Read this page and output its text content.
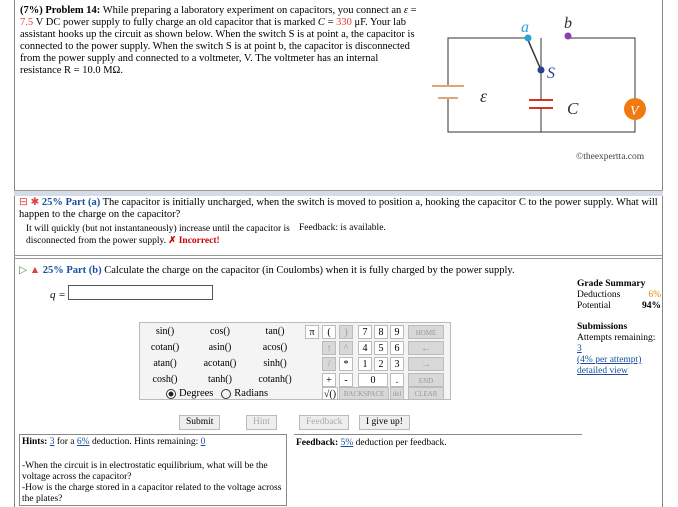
(7%) Problem 14: While preparing a laboratory experiment on capacitors, you connect an ε = 7.5 V DC power supply to fully charge an old capacitor that is marked C = 330 μF. Your lab assistant hooks up the circuit as shown below. When the switch S is at point a, the capacitor is connected to the power supply. When the switch S is at point b, the capacitor is disconnected from the power supply and connected to a voltmeter, V. The voltmeter has an internal resistance R = 10.0 MΩ.
a b
S
ε
C	V
©theexpertta.com
⊟ ✱ 25% Part (a) The capacitor is initially uncharged, when the switch is moved to position a, hooking the capacitor C to the power supply. What will happen to the charge on the capacitor?
It will quickly (but not instantaneously) increase until the capacitor is disconnected from the power supply. ✗ Incorrect!
Feedback: is available.
▷ ▲ 25% Part (b) Calculate the charge on the capacitor (in Coulombs) when it is fully charged by the power supply.
q =
Grade Summary
Deductions	6%
Potential	94%
Submissions
Attempts remaining: 3
(4% per attempt)
detailed view
sin()	cos()	tan()
cotan()	asin()	acos()
atan()	acotan()	sinh()
cosh()	tanh()	cotanh()
π	(	)	7	8	9	HOME
↑	^	4	5	6	←
/	*	1	2	3	→
+	-	0	.	END
√()	BACKSPACE	del	CLEAR
Degrees Radians
Submit	Hint	Feedback	I give up!
Hints: 3 for a 6% deduction. Hints remaining: 0
-When the circuit is in electrostatic equilibrium, what will be the voltage across the capacitor?
-How is the charge stored in a capacitor related to the voltage across the plates?
Feedback: 5% deduction per feedback.
